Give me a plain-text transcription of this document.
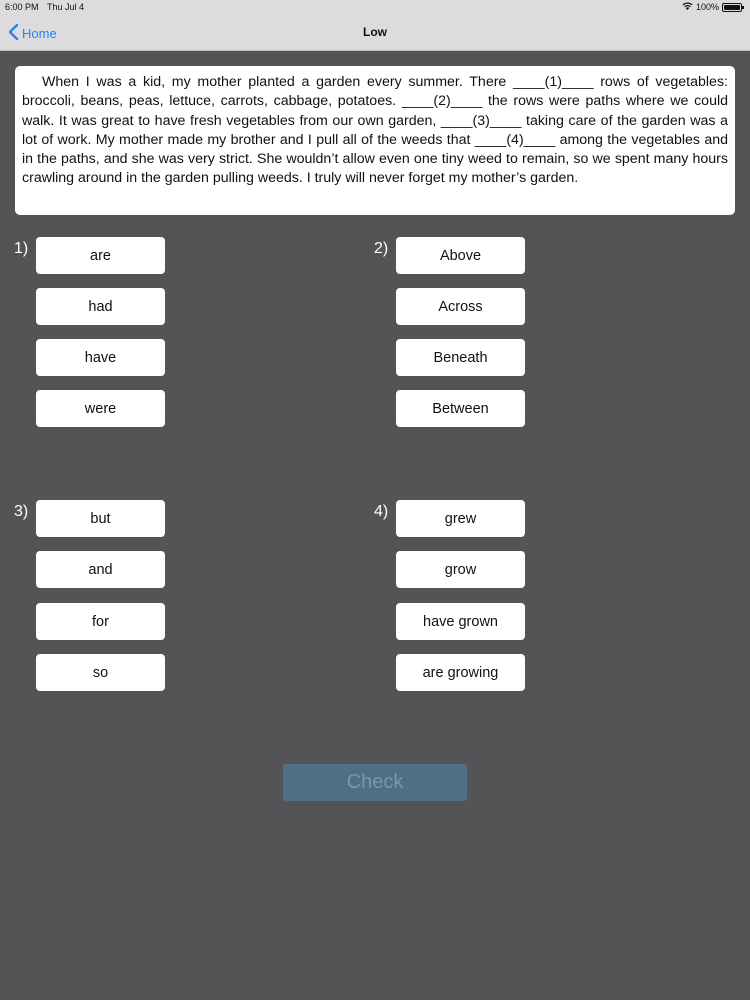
6:00 PM Thu Jul 4	100%
Home	Low

When I was a kid, my mother planted a garden every summer. There ____(1)____ rows of vegetables: broccoli, beans, peas, lettuce, carrots, cabbage, potatoes. ____(2)____ the rows were paths where we could walk. It was great to have fresh vegetables from our own garden, ____(3)____ taking care of the garden was a lot of work. My mother made my brother and I pull all of the weeds that ____(4)____ among the vegetables and in the paths, and she was very strict. She wouldn’t allow even one tiny weed to remain, so we spent many hours crawling around in the garden pulling weeds. I truly will never forget my mother’s garden.

1)	are
had
have
were
2)	Above
Across
Beneath
Between
3)	but
and
for
so
4)	grew
grow
have grown
are growing
Check
